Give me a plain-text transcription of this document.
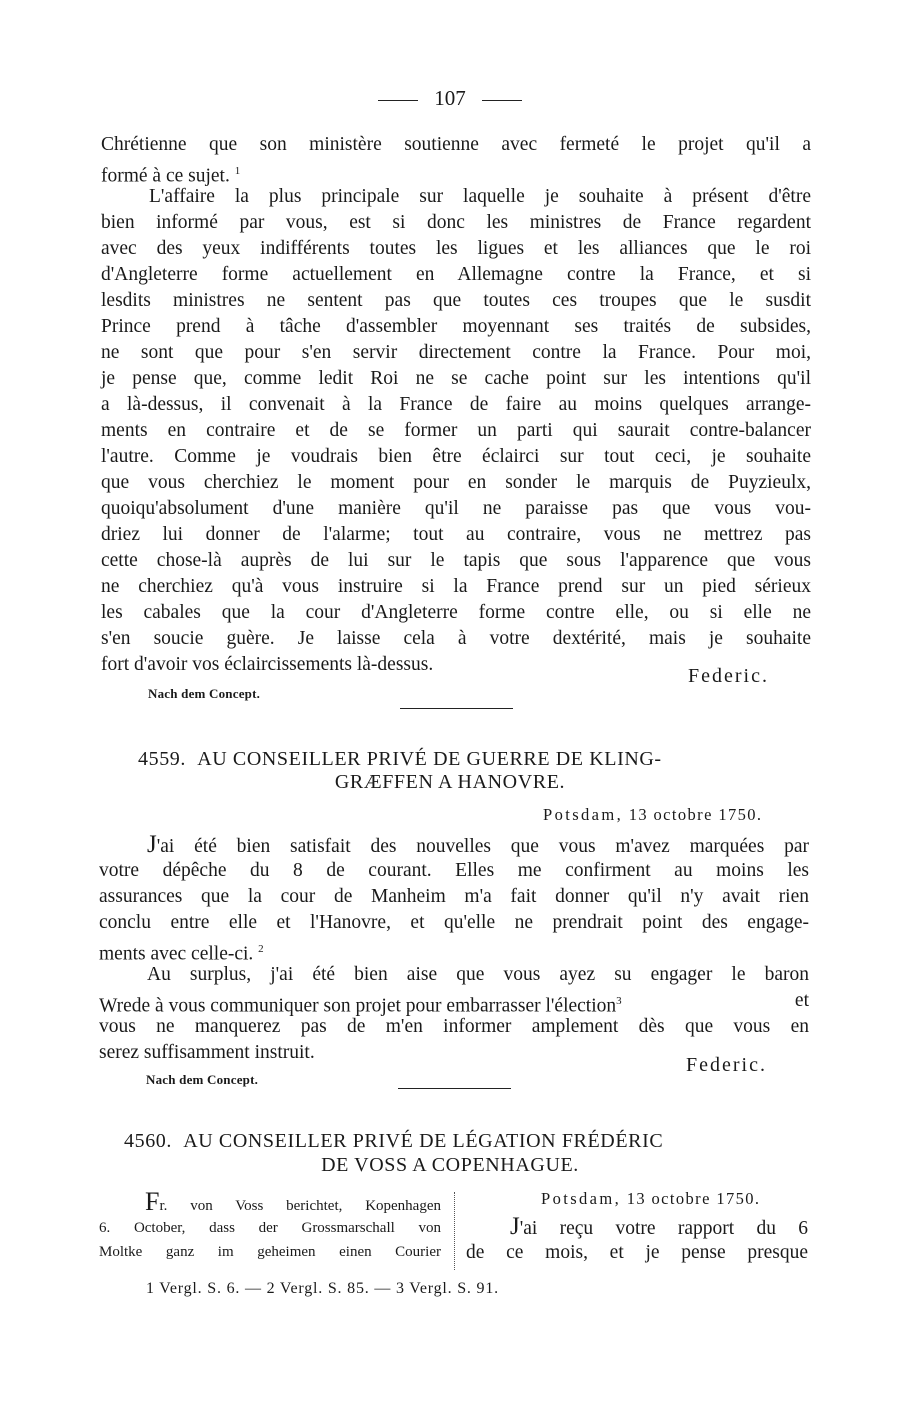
107
Chrétienne que son ministère soutienne avec fermeté le projet qu'il a
formé à ce sujet. $^1$
L'affaire la plus principale sur laquelle je souhaite à présent d'être
bien informé par vous, est si donc les ministres de France regardent
avec des yeux indifférents toutes les ligues et les alliances que le roi
d'Angleterre forme actuellement en Allemagne contre la France, et si
lesdits ministres ne sentent pas que toutes ces troupes que le susdit
Prince prend à tâche d'assembler moyennant ses traités de subsides,
ne sont que pour s'en servir directement contre la France. Pour moi,
je pense que, comme ledit Roi ne se cache point sur les intentions qu'il
a là-dessus, il convenait à la France de faire au moins quelques arrange-
ments en contraire et de se former un parti qui saurait contre-balancer
l'autre. Comme je voudrais bien être éclairci sur tout ceci, je souhaite
que vous cherchiez le moment pour en sonder le marquis de Puyzieulx,
quoiqu'absolument d'une manière qu'il ne paraisse pas que vous vou-
driez lui donner de l'alarme; tout au contraire, vous ne mettrez pas
cette chose-là auprès de lui sur le tapis que sous l'apparence que vous
ne cherchiez qu'à vous instruire si la France prend sur un pied sérieux
les cabales que la cour d'Angleterre forme contre elle, ou si elle ne
s'en soucie guère. Je laisse cela à votre dextérité, mais je souhaite
fort d'avoir vos éclaircissements là-dessus.
Federic.
Nach dem Concept.
4559. AU CONSEILLER PRIVÉ DE GUERRE DE KLING-
GRÆFFEN A HANOVRE.
Potsdam, 13 octobre 1750.
J'ai été bien satisfait des nouvelles que vous m'avez marquées par
votre dépêche du 8 de courant. Elles me confirment au moins les
assurances que la cour de Manheim m'a fait donner qu'il n'y avait rien
conclu entre elle et l'Hanovre, et qu'elle ne prendrait point des engage-
ments avec celle-ci. $^2$
Au surplus, j'ai été bien aise que vous ayez su engager le baron
Wrede à vous communiquer son projet pour embarrasser l'élection$^3$	et
vous ne manquerez pas de m'en informer amplement dès que vous en
serez suffisamment instruit.
Federic.
Nach dem Concept.
4560. AU CONSEILLER PRIVÉ DE LÉGATION FRÉDÉRIC
DE VOSS A COPENHAGUE.
Fr. von Voss berichtet, Kopenhagen
6. October, dass der Grossmarschall von
Moltke ganz im geheimen einen Courier
Potsdam, 13 octobre 1750.
J'ai reçu votre rapport du 6
de ce mois, et je pense presque
1 Vergl. S. 6. — 2 Vergl. S. 85. — 3 Vergl. S. 91.
